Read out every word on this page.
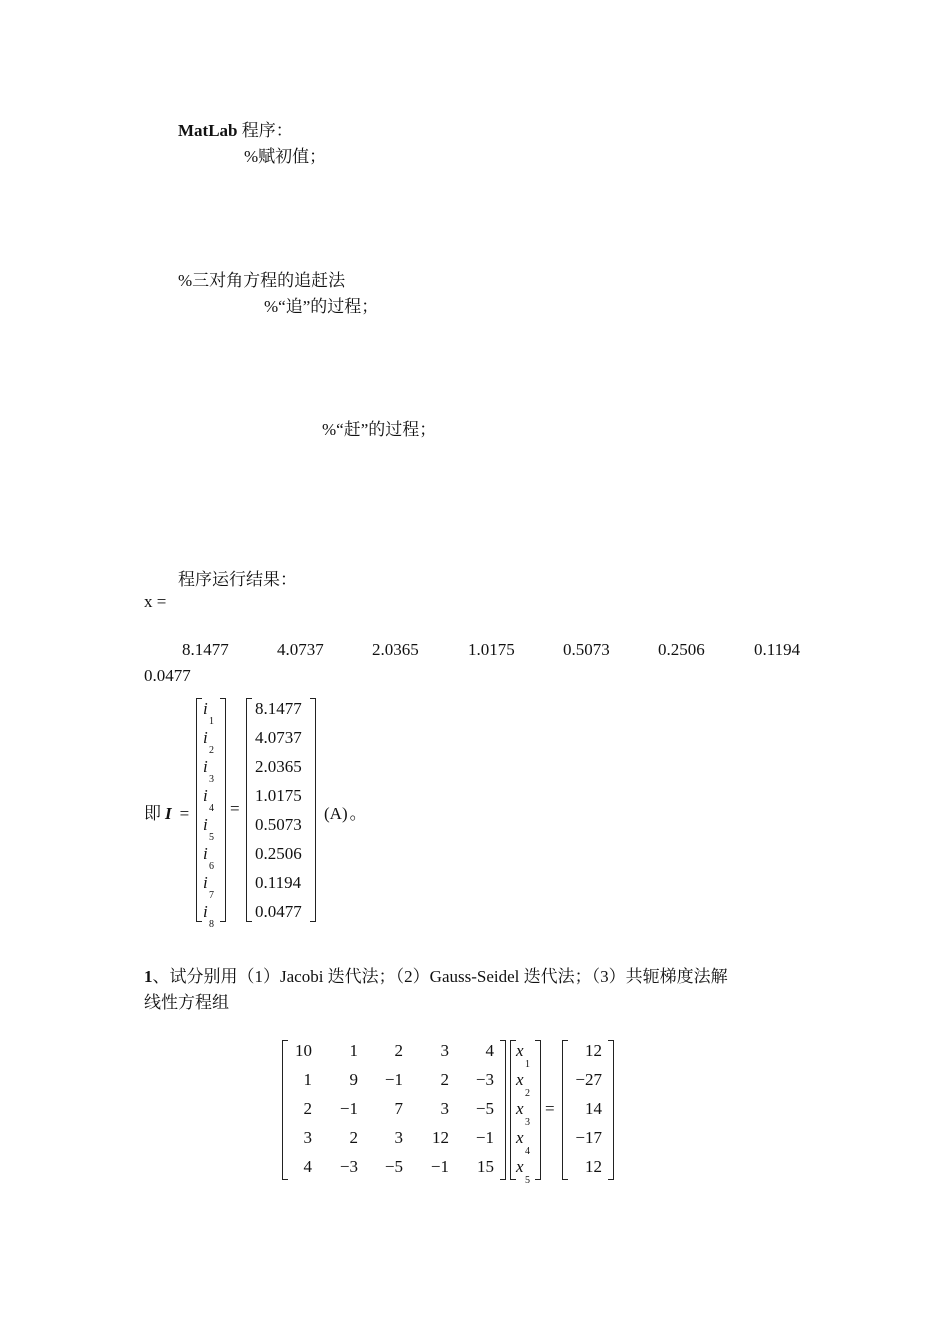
MatLab 程序：
%赋初值；
%三对角方程的追赶法
%“追”的过程；
%“赶”的过程；
程序运行结果：
x =
8.1477	4.0737	2.0365	1.0175	0.5073	0.2506	0.1194
0.0477
即 I =
i
1
i
2
i
3
i
4
i
5
i
6
i
7
i
8
=
8.1477
4.0737
2.0365
1.0175
0.5073
0.2506
0.1194
0.0477
(A) 。
1、试分别用（1）Jacobi 迭代法；（2）Gauss-Seidel 迭代法；（3）共轭梯度法解
线性方程组
10	1	2	3	4
1	9	−1	2	−3
2	−1	7	3	−5
3	2	3	12	−1
4	−3	−5	−1	15
x
1
x
2
x
3
x
4
x
5
=
12
−27
14
−17
12
